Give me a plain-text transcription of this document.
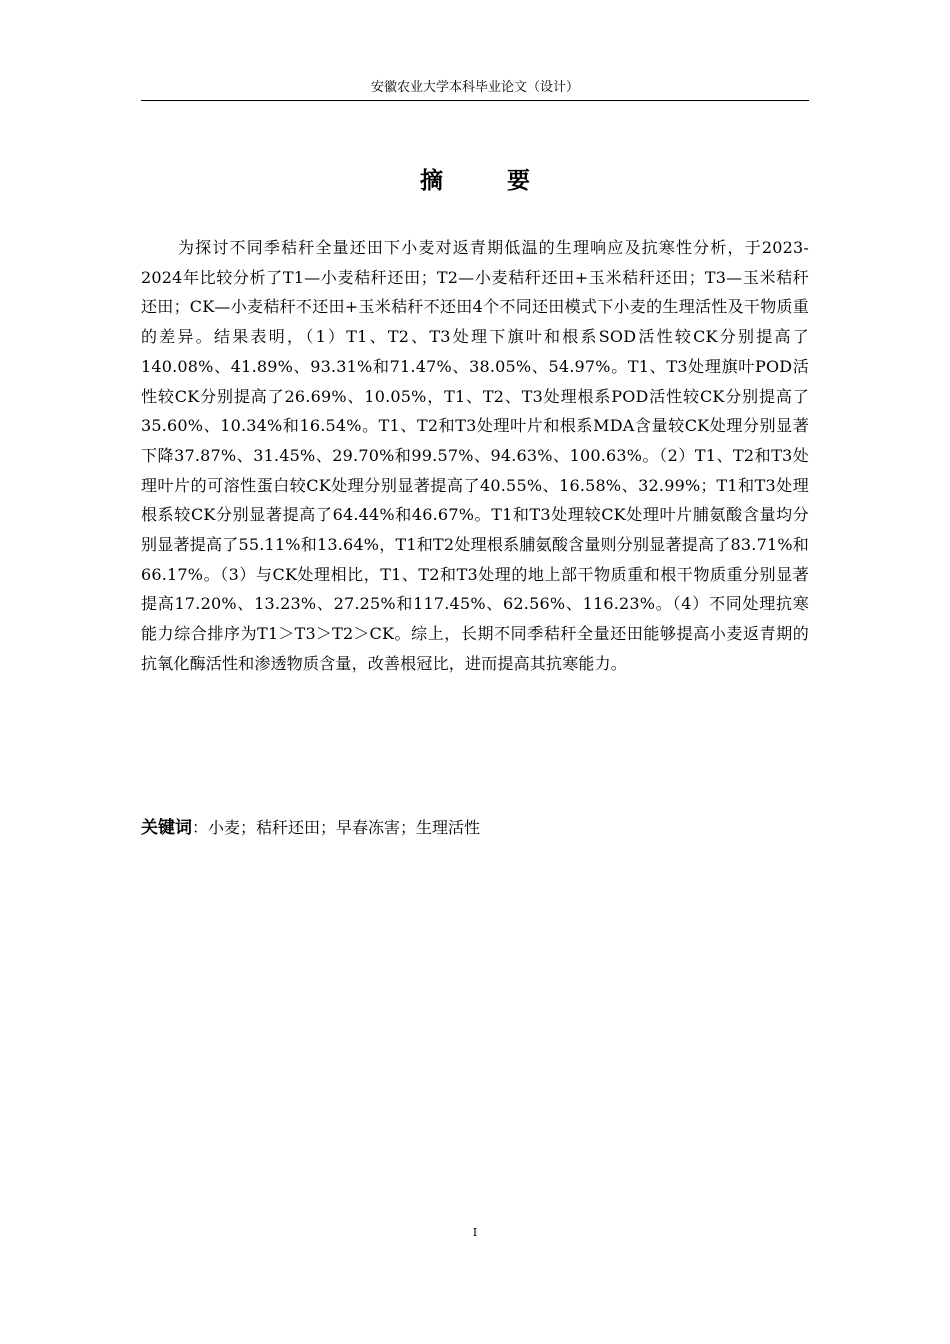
安徽农业大学本科毕业论文（设计）
摘 要

为探讨不同季秸秆全量还田下小麦对返青期低温的生理响应及抗寒性分析，于2023-2024年比较分析了T1—小麦秸秆还田；T2—小麦秸秆还田+玉米秸秆还田；T3—玉米秸秆还田；CK—小麦秸秆不还田+玉米秸秆不还田4个不同还田模式下小麦的生理活性及干物质重的差异。结果表明，（1）T1、T2、T3处理下旗叶和根系SOD活性较CK分别提高了140.08%、41.89%、93.31%和71.47%、38.05%、54.97%。T1、T3处理旗叶POD活性较CK分别提高了26.69%、10.05%，T1、T2、T3处理根系POD活性较CK分别提高了35.60%、10.34%和16.54%。T1、T2和T3处理叶片和根系MDA含量较CK处理分别显著下降37.87%、31.45%、29.70%和99.57%、94.63%、100.63%。（2）T1、T2和T3处理叶片的可溶性蛋白较CK处理分别显著提高了40.55%、16.58%、32.99%；T1和T3处理根系较CK分别显著提高了64.44%和46.67%。T1和T3处理较CK处理叶片脯氨酸含量均分别显著提高了55.11%和13.64%，T1和T2处理根系脯氨酸含量则分别显著提高了83.71%和66.17%。（3）与CK处理相比，T1、T2和T3处理的地上部干物质重和根干物质重分别显著提高17.20%、13.23%、27.25%和117.45%、62.56%、116.23%。（4）不同处理抗寒能力综合排序为T1＞T3＞T2＞CK。综上，长期不同季秸秆全量还田能够提高小麦返青期的抗氧化酶活性和渗透物质含量，改善根冠比，进而提高其抗寒能力。

关键词：小麦；秸秆还田；早春冻害；生理活性
I
